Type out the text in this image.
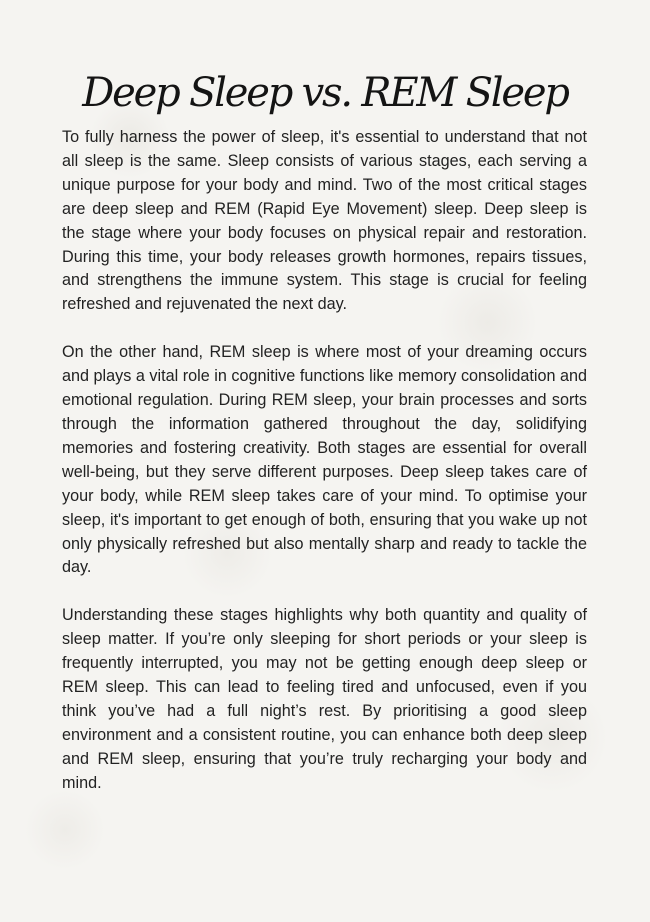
Deep Sleep vs. REM Sleep

To fully harness the power of sleep, it's essential to understand that not all sleep is the same. Sleep consists of various stages, each serving a unique purpose for your body and mind. Two of the most critical stages are deep sleep and REM (Rapid Eye Movement) sleep. Deep sleep is the stage where your body focuses on physical repair and restoration. During this time, your body releases growth hormones, repairs tissues, and strengthens the immune system. This stage is crucial for feeling refreshed and rejuvenated the next day.

On the other hand, REM sleep is where most of your dreaming occurs and plays a vital role in cognitive functions like memory consolidation and emotional regulation. During REM sleep, your brain processes and sorts through the information gathered throughout the day, solidifying memories and fostering creativity. Both stages are essential for overall well-being, but they serve different purposes. Deep sleep takes care of your body, while REM sleep takes care of your mind. To optimise your sleep, it's important to get enough of both, ensuring that you wake up not only physically refreshed but also mentally sharp and ready to tackle the day.

Understanding these stages highlights why both quantity and quality of sleep matter. If you’re only sleeping for short periods or your sleep is frequently interrupted, you may not be getting enough deep sleep or REM sleep. This can lead to feeling tired and unfocused, even if you think you’ve had a full night’s rest. By prioritising a good sleep environment and a consistent routine, you can enhance both deep sleep and REM sleep, ensuring that you’re truly recharging your body and mind.
